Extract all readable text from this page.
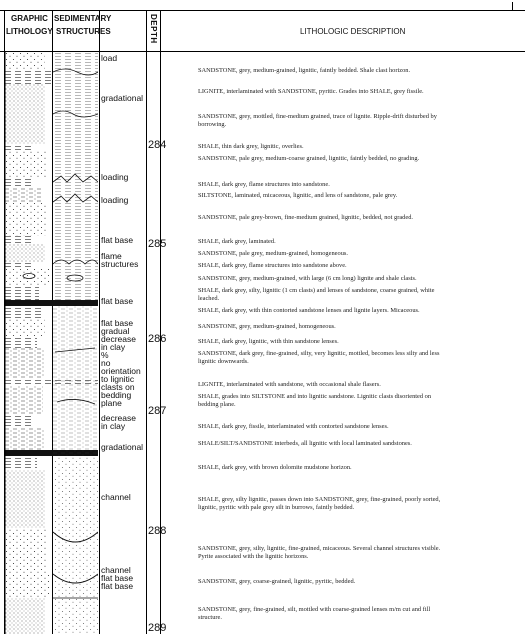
GRAPHIC
LITHOLOGY
SEDIMENTARY
STRUCTURES	DEPTH	LITHOLOGIC DESCRIPTION
load
gradational
loading
loading
flat base
flame
structures
flat base
flat base
gradual
decrease
in clay
%
no
orientation
to lignitic
clasts on
bedding
plane
decrease
in clay
gradational
channel
channel
flat base
flat base
284
285
286
287
288
289
SANDSTONE, grey, medium-grained, lignitic, faintly bedded. Shale clast horizon.
LIGNITE, interlaminated with SANDSTONE, pyritic. Grades into SHALE, grey fissile.
SANDSTONE, grey, mottled, fine-medium grained, trace of lignite. Ripple-drift disturbed by
borrowing.
SHALE, thin dark grey, lignitic, overlies.
SANDSTONE, pale grey, medium-coarse grained, lignitic, faintly bedded, no grading.
SHALE, dark grey, flame structures into sandstone.
SILTSTONE, laminated, micaceous, lignitic, and lens of sandstone, pale grey.
SANDSTONE, pale grey-brown, fine-medium grained, lignitic, bedded, not graded.
SHALE, dark grey, laminated.
SANDSTONE, pale grey, medium-grained, homogeneous.
SHALE, dark grey, flame structures into sandstone above.
SANDSTONE, grey, medium-grained, with large (6 cm long) lignite and shale clasts.
SHALE, dark grey, silty, lignitic (1 cm clasts) and lenses of sandstone, coarse grained, white
leached.
SHALE, dark grey, with thin contorted sandstone lenses and lignite layers. Micaceous.
SANDSTONE, grey, medium-grained, homogeneous.
SHALE, dark grey, lignitic, with thin sandstone lenses.
SANDSTONE, dark grey, fine-grained, silty, very lignitic, mottled, becomes less silty and less
lignitic downwards.
LIGNITE, interlaminated with sandstone, with occasional shale flasers.
SHALE, grades into SILTSTONE and into lignitic sandstone. Lignitic clasts disoriented on
bedding plane.
SHALE, dark grey, fissile, interlaminated with contorted sandstone lenses.
SHALE/SILT/SANDSTONE interbeds, all lignitic with local laminated sandstones.
SHALE, dark grey, with brown dolomite mudstone horizon.
SHALE, grey, silty lignitic, passes down into SANDSTONE, grey, fine-grained, poorly sorted,
lignitic, pyritic with pale grey silt in burrows, faintly bedded.
SANDSTONE, grey, silty, lignitic, fine-grained, micaceous. Several channel structures visible.
Pyrite associated with the lignitic horizons.
SANDSTONE, grey, coarse-grained, lignitic, pyritic, bedded.
SANDSTONE, grey, fine-grained, silt, mottled with coarse-grained lenses m/m cut and fill
structure.
